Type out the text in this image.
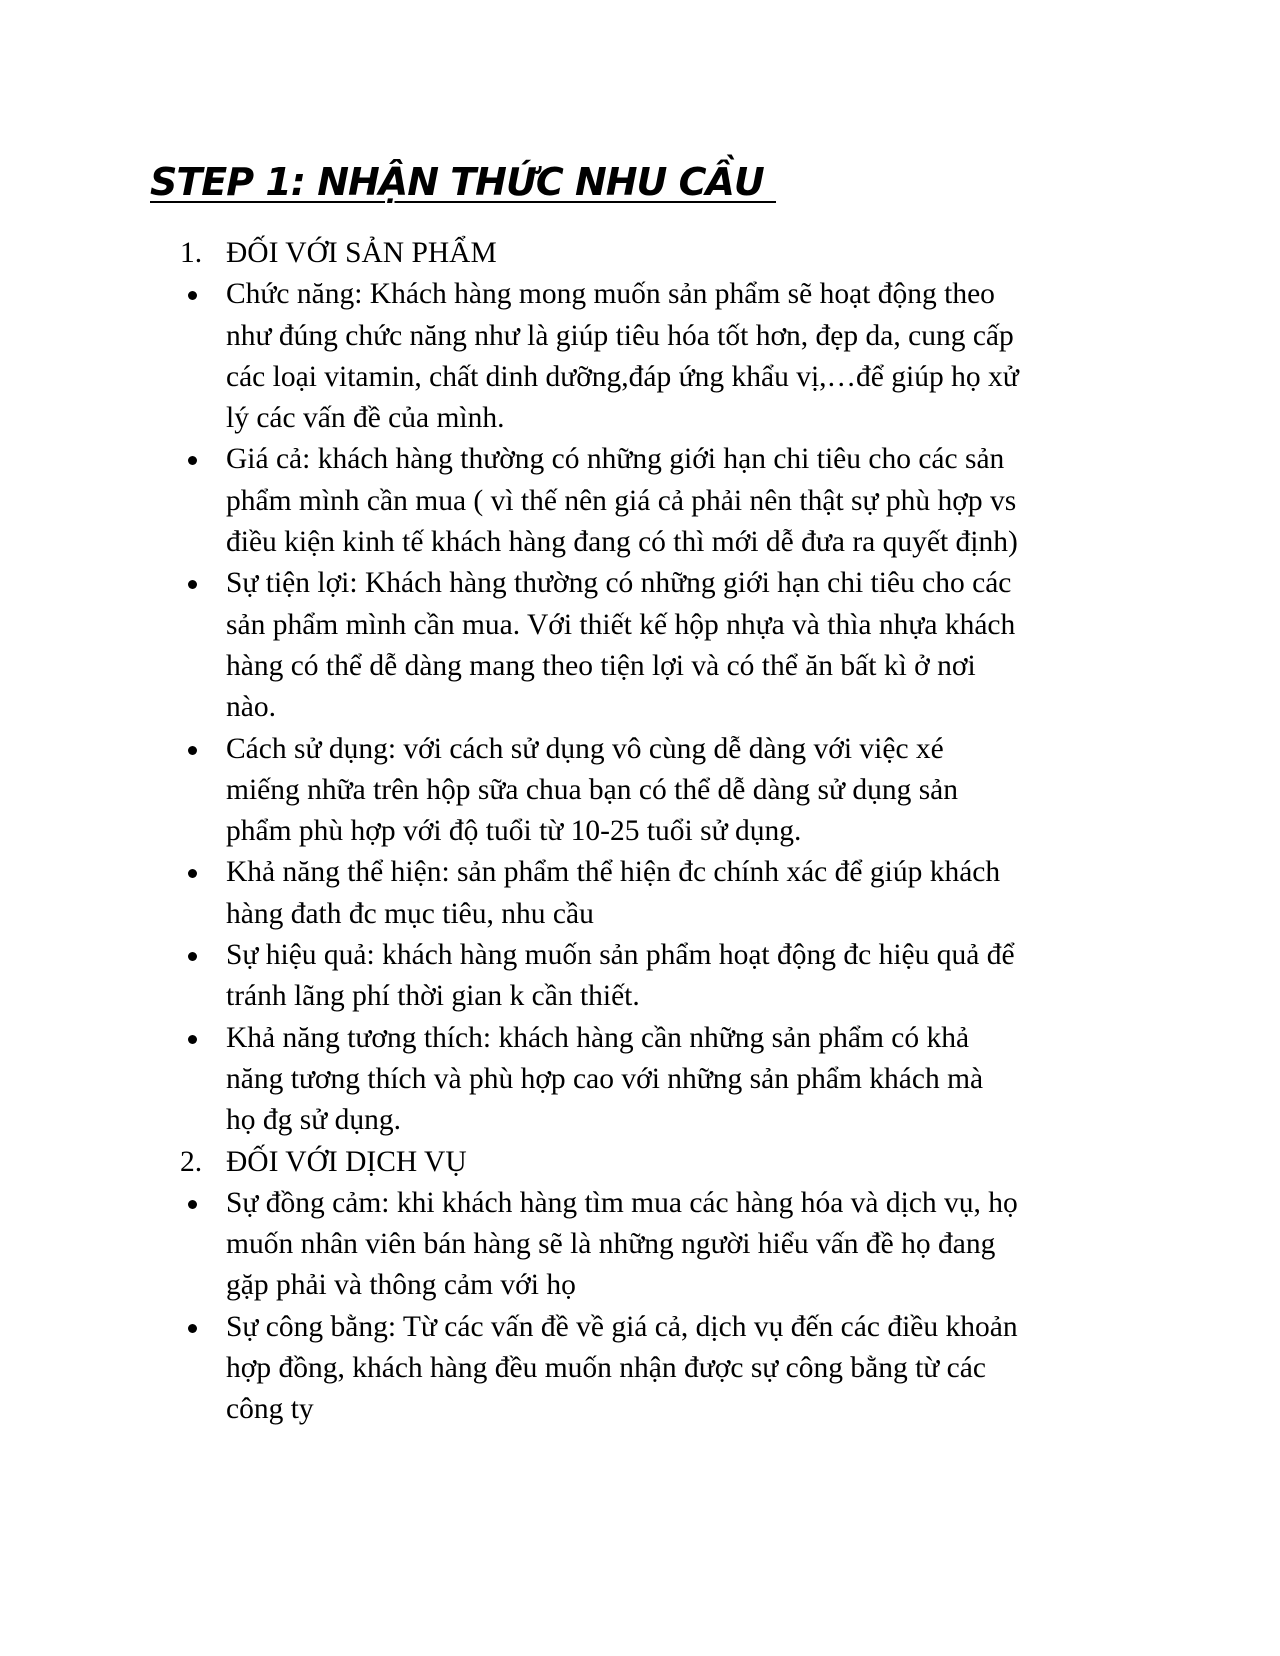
STEP 1: NHẬN THỨC NHU CẦU
1. ĐỐI VỚI SẢN PHẨM
Chức năng: Khách hàng mong muốn sản phẩm sẽ hoạt động theo
như đúng chức năng như là giúp tiêu hóa tốt hơn, đẹp da, cung cấp
các loại vitamin, chất dinh dưỡng,đáp ứng khẩu vị,…để giúp họ xử
lý các vấn đề của mình.
Giá cả: khách hàng thường có những giới hạn chi tiêu cho các sản
phẩm mình cần mua ( vì thế nên giá cả phải nên thật sự phù hợp vs
điều kiện kinh tế khách hàng đang có thì mới dễ đưa ra quyết định)
Sự tiện lợi: Khách hàng thường có những giới hạn chi tiêu cho các
sản phẩm mình cần mua. Với thiết kế hộp nhựa và thìa nhựa khách
hàng có thể dễ dàng mang theo tiện lợi và có thể ăn bất kì ở nơi
nào.
Cách sử dụng: với cách sử dụng vô cùng dễ dàng với việc xé
miếng nhữa trên hộp sữa chua bạn có thể dễ dàng sử dụng sản
phẩm phù hợp với độ tuổi từ 10-25 tuổi sử dụng.
Khả năng thể hiện: sản phẩm thể hiện đc chính xác để giúp khách
hàng đath đc mục tiêu, nhu cầu
Sự hiệu quả: khách hàng muốn sản phẩm hoạt động đc hiệu quả để
tránh lãng phí thời gian k cần thiết.
Khả năng tương thích: khách hàng cần những sản phẩm có khả
năng tương thích và phù hợp cao với những sản phẩm khách mà
họ đg sử dụng.
2. ĐỐI VỚI DỊCH VỤ
Sự đồng cảm: khi khách hàng tìm mua các hàng hóa và dịch vụ, họ
muốn nhân viên bán hàng sẽ là những người hiểu vấn đề họ đang
gặp phải và thông cảm với họ
Sự công bằng: Từ các vấn đề về giá cả, dịch vụ đến các điều khoản
hợp đồng, khách hàng đều muốn nhận được sự công bằng từ các
công ty
